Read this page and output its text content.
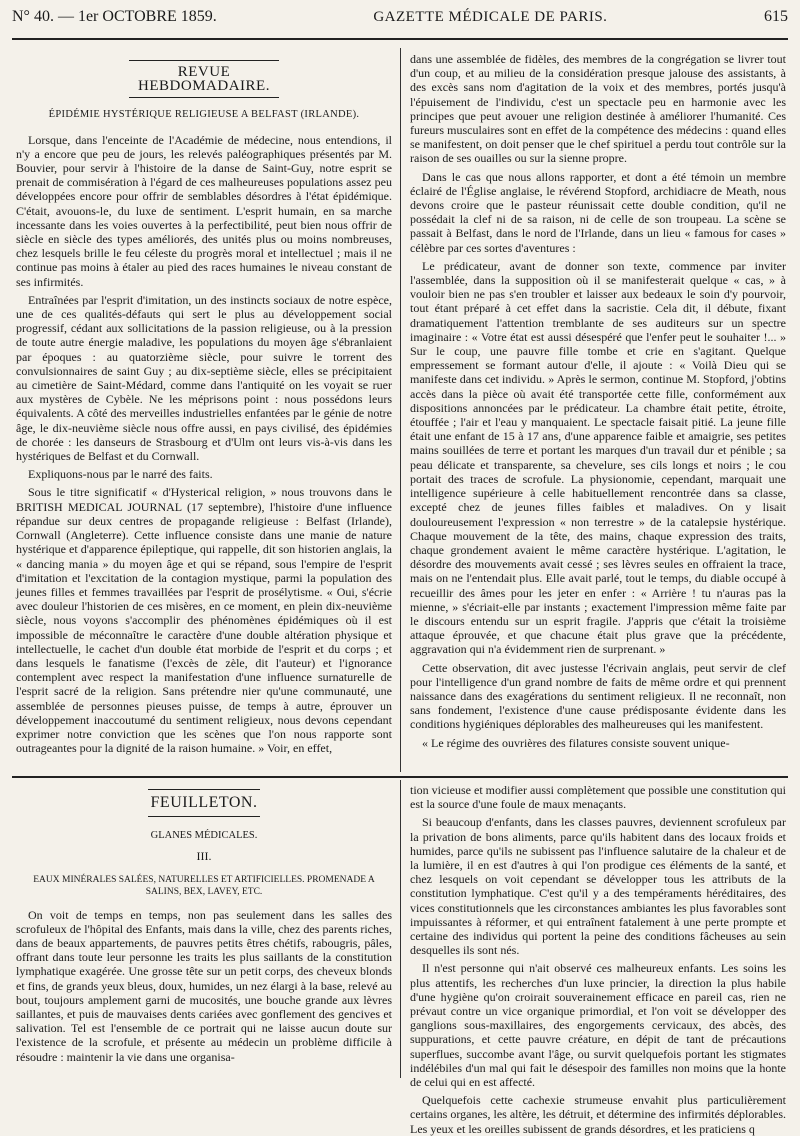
N° 40. — 1er OCTOBRE 1859.	GAZETTE MÉDICALE DE PARIS.	615
REVUE HEBDOMADAIRE.
ÉPIDÉMIE HYSTÉRIQUE RELIGIEUSE A BELFAST (IRLANDE).

Lorsque, dans l'enceinte de l'Académie de médecine, nous entendions, il n'y a encore que peu de jours, les relevés paléographiques présentés par M. Bouvier, pour servir à l'histoire de la danse de Saint-Guy, notre esprit se prenait de commisération à l'égard de ces malheureuses populations assez peu développées encore pour offrir de semblables désordres à l'état épidémique. C'était, avouons-le, du luxe de sentiment. L'esprit humain, en sa marche incessante dans les voies ouvertes à la perfectibilité, peut bien nous offrir de siècle en siècle des types améliorés, des unités plus ou moins nombreuses, chez lesquels brille le feu céleste du progrès moral et intellectuel ; mais il ne continue pas moins à étaler au pied des races humaines le niveau constant de ses infirmités.

Entraînées par l'esprit d'imitation, un des instincts sociaux de notre espèce, une de ces qualités-défauts qui sert le plus au développement social progressif, cédant aux sollicitations de la passion religieuse, ou à la pression de toute autre énergie maladive, les populations du moyen âge s'ébranlaient par époques : au quatorzième siècle, pour suivre le torrent des convulsionnaires de saint Guy ; au dix-septième siècle, elles se précipitaient au cimetière de Saint-Médard, comme dans l'antiquité on les voyait se ruer aux mystères de Cybèle. Ne les méprisons point : nous possédons leurs équivalents. A côté des merveilles industrielles enfantées par le génie de notre âge, le dix-neuvième siècle nous offre aussi, en pays civilisé, des épidémies de chorée : les danseurs de Strasbourg et d'Ulm ont leurs vis-à-vis dans les hystériques de Belfast et du Cornwall.

Expliquons-nous par le narré des faits.

Sous le titre significatif « d'Hysterical religion, » nous trouvons dans le BRITISH MEDICAL JOURNAL (17 septembre), l'histoire d'une influence répandue sur deux centres de propagande religieuse : Belfast (Irlande), Cornwall (Angleterre). Cette influence consiste dans une manie de nature hystérique et d'apparence épileptique, qui rappelle, dit son historien anglais, la « dancing mania » du moyen âge et qui se répand, sous l'empire de l'esprit d'imitation et l'excitation de la contagion mystique, parmi la population des jeunes filles et femmes travaillées par l'esprit de prosélytisme. « Oui, s'écrie avec douleur l'historien de ces misères, en ce moment, en plein dix-neuvième siècle, nous voyons s'accomplir des phénomènes épidémiques où il est impossible de méconnaître le caractère d'une double altération physique et intellectuelle, le cachet d'un double état morbide de l'esprit et du corps ; et dans lesquels le fanatisme (l'excès de zèle, dit l'auteur) et l'ignorance contemplent avec respect la manifestation d'une influence surnaturelle de l'esprit sacré de la religion. Sans prétendre nier qu'une communauté, une assemblée de personnes pieuses puisse, de temps à autre, éprouver un développement inaccoutumé du sentiment religieux, nous devons cependant exprimer notre conviction que les scènes que l'on nous rapporte sont outrageantes pour la dignité de la raison humaine. » Voir, en effet,

dans une assemblée de fidèles, des membres de la congrégation se livrer tout d'un coup, et au milieu de la considération presque jalouse des assistants, à des excès sans nom d'agitation de la voix et des membres, portés jusqu'à l'épuisement de l'individu, c'est un spectacle peu en harmonie avec les principes que peut avouer une religion destinée à améliorer l'humanité. Ces fureurs musculaires sont en effet de la compétence des médecins : quand elles se manifestent, on doit penser que le chef spirituel a perdu tout contrôle sur la raison de ses ouailles ou sur la sienne propre.

Dans le cas que nous allons rapporter, et dont a été témoin un membre éclairé de l'Église anglaise, le révérend Stopford, archidiacre de Meath, nous devons croire que le pasteur réunissait cette double condition, qu'il ne possédait la clef ni de sa raison, ni de celle de son troupeau. La scène se passait à Belfast, dans le nord de l'Irlande, dans un lieu « famous for cases » célèbre par ces sortes d'aventures :

Le prédicateur, avant de donner son texte, commence par inviter l'assemblée, dans la supposition où il se manifesterait quelque « cas, » à vouloir bien ne pas s'en troubler et laisser aux bedeaux le soin d'y pourvoir, tout étant préparé à cet effet dans la sacristie. Cela dit, il débute, fixant dramatiquement l'attention tremblante de ses auditeurs sur un spectre imaginaire : « Votre état est aussi désespéré que l'enfer peut le souhaiter !... » Sur le coup, une pauvre fille tombe et crie en s'agitant. Quelque empressement se formant autour d'elle, il ajoute : « Voilà Dieu qui se manifeste dans cet individu. » Après le sermon, continue M. Stopford, j'obtins accès dans la pièce où avait été transportée cette fille, conformément aux dispositions annoncées par le prédicateur. La chambre était petite, étroite, étouffée ; l'air et l'eau y manquaient. Le spectacle faisait pitié. La jeune fille était une enfant de 15 à 17 ans, d'une apparence faible et amaigrie, ses petites mains souillées de terre et portant les marques d'un travail dur et pénible ; sa peau délicate et transparente, sa chevelure, ses cils longs et noirs ; le cou portait des traces de scrofule. La physionomie, cependant, marquait une intelligence supérieure à celle habituellement rencontrée dans sa classe, excepté chez de jeunes filles faibles et maladives. On y lisait douloureusement l'expression « non terrestre » de la catalepsie hystérique. Chaque mouvement de la tête, des mains, chaque expression des traits, chaque grondement avaient le même caractère hystérique. L'agitation, le désordre des mouvements avait cessé ; ses lèvres seules en offraient la trace, mais on ne l'entendait plus. Elle avait parlé, tout le temps, du diable occupé à recueillir des âmes pour les jeter en enfer : « Arrière ! tu n'auras pas la mienne, » s'écriait-elle par instants ; exactement l'impression même faite par le discours entendu sur un esprit fragile. J'appris que c'était la troisième attaque éprouvée, et que chacune était plus grave que la précédente, aggravation qui n'a évidemment rien de surprenant. »

Cette observation, dit avec justesse l'écrivain anglais, peut servir de clef pour l'intelligence d'un grand nombre de faits de même ordre et qui prennent naissance dans des exagérations du sentiment religieux. Il ne reconnaît, non sans fondement, l'existence d'une cause prédisposante évidente dans les conditions hygiéniques déplorables des malheureuses qui les manifestent.

« Le régime des ouvrières des filatures consiste souvent unique-

FEUILLETON.
GLANES MÉDICALES.
III.
EAUX MINÉRALES SALÉES, NATURELLES ET ARTIFICIELLES. PROMENADE A SALINS, BEX, LAVEY, ETC.

On voit de temps en temps, non pas seulement dans les salles des scrofuleux de l'hôpital des Enfants, mais dans la ville, chez des parents riches, dans de beaux appartements, de pauvres petits êtres chétifs, rabougris, pâles, offrant dans toute leur personne les traits les plus saillants de la constitution lymphatique exagérée. Une grosse tête sur un petit corps, des cheveux blonds et fins, de grands yeux bleus, doux, humides, un nez élargi à la base, relevé au bout, toujours amplement garni de mucosités, une bouche grande aux lèvres saillantes, et puis de mauvaises dents cariées avec gonflement des gencives et salivation. Tel est l'ensemble de ce portrait qui ne laisse aucun doute sur l'existence de la scrofule, et présente au médecin un problème difficile à résoudre : maintenir la vie dans une organisa-

tion vicieuse et modifier aussi complètement que possible une constitution qui est la source d'une foule de maux menaçants.

Si beaucoup d'enfants, dans les classes pauvres, deviennent scrofuleux par la privation de bons aliments, parce qu'ils habitent dans des locaux froids et humides, parce qu'ils ne subissent pas l'influence salutaire de la chaleur et de la lumière, il en est d'autres à qui l'on prodigue ces éléments de la santé, et chez lesquels on voit cependant se développer tous les attributs de la constitution lymphatique. C'est qu'il y a des tempéraments héréditaires, des vices constitutionnels que les circonstances ambiantes les plus favorables sont impuissantes à réformer, et qui entraînent fatalement à une perte prompte et certaine des individus qui portent la peine des conditions fâcheuses au sein desquelles ils sont nés.

Il n'est personne qui n'ait observé ces malheureux enfants. Les soins les plus attentifs, les recherches d'un luxe princier, la direction la plus habile d'une hygiène qu'on croirait souverainement efficace en pareil cas, rien ne prévaut contre un vice organique primordial, et l'on voit se développer des ganglions sous-maxillaires, des engorgements cervicaux, des abcès, des suppurations, et cette pauvre créature, en dépit de tant de précautions superflues, succombe avant l'âge, ou survit quelquefois portant les stigmates indélébiles d'un mal qui fait le désespoir des familles non moins que la honte de celui qui en est affecté.

Quelquefois cette cachexie strumeuse envahit plus particulièrement certains organes, les altère, les détruit, et détermine des infirmités déplorables. Les yeux et les oreilles subissent de grands désordres, et les praticiens q
